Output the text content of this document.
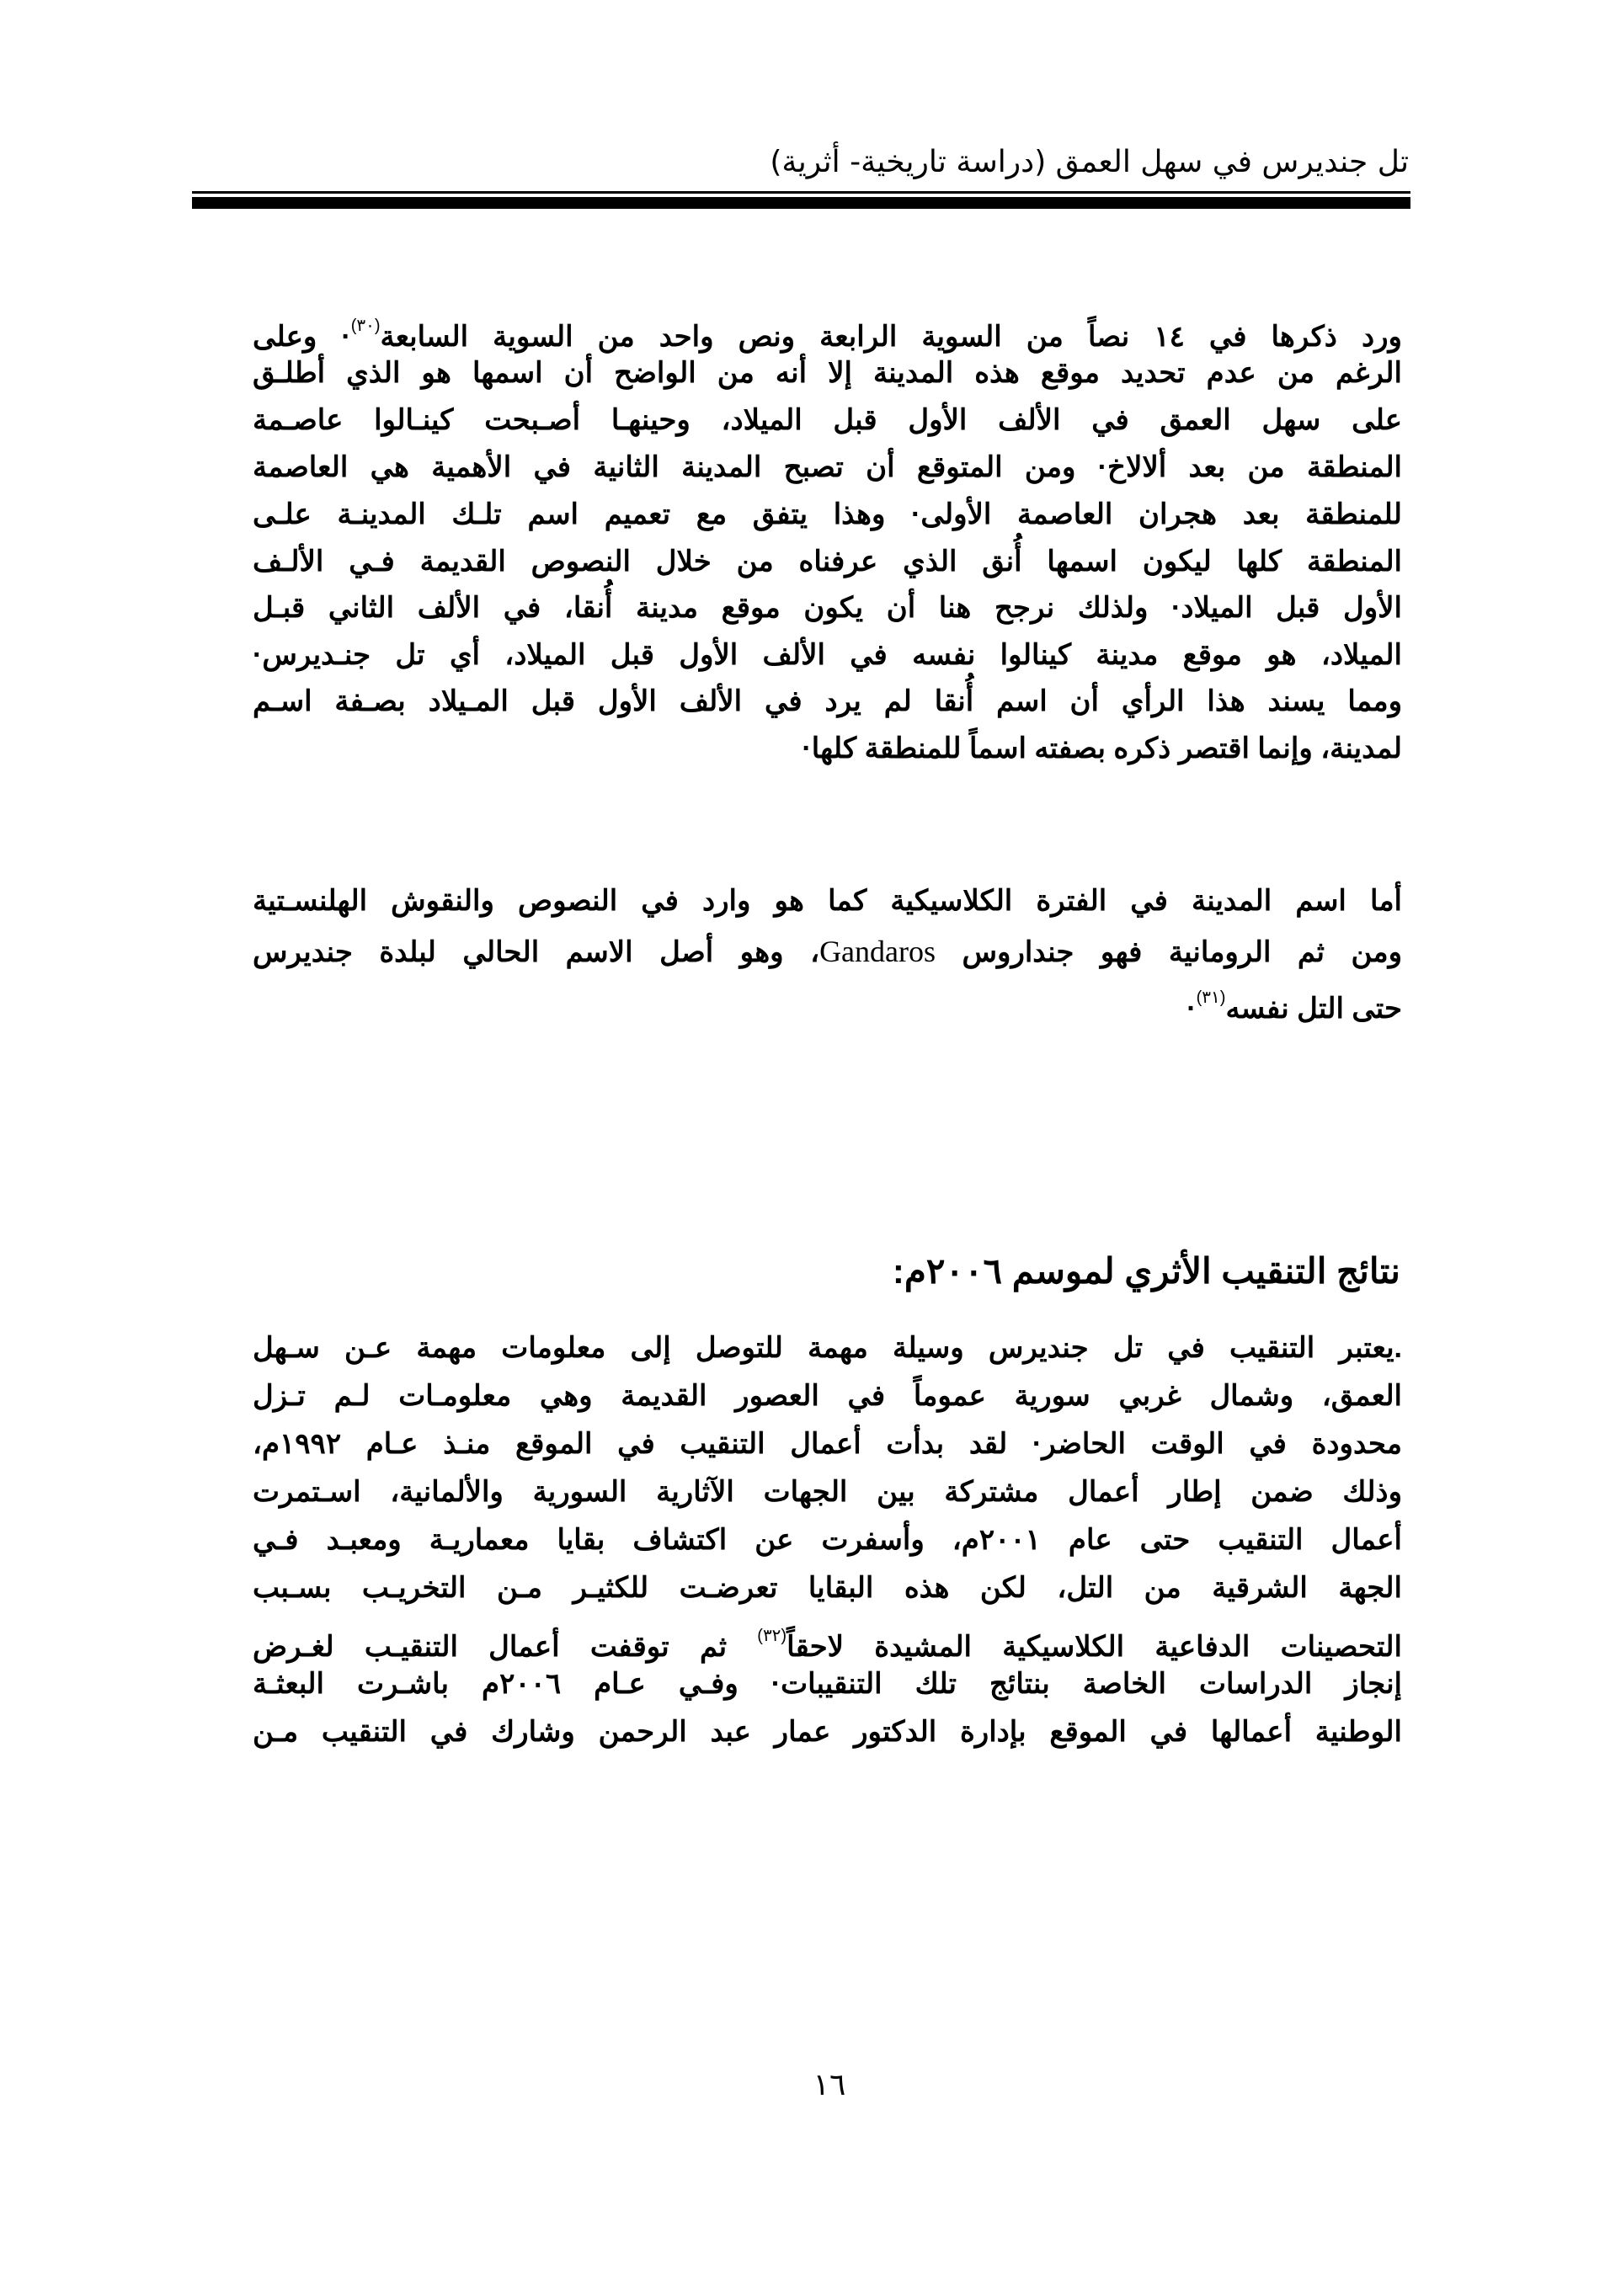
تل جنديرس في سهل العمق (دراسة تاريخية- أثرية)
ورد ذكرها في ١٤ نصاً من السوية الرابعة ونص واحد من السوية السابعة$^{(٣٠)}$· وعلى
الرغم من عدم تحديد موقع هذه المدينة إلا أنه من الواضح أن اسمها هو الذي أطلـق
على سهل العمق في الألف الأول قبل الميلاد، وحينهـا أصـبحت كينـالوا عاصـمة
المنطقة من بعد ألالاخ· ومن المتوقع أن تصبح المدينة الثانية في الأهمية هي العاصمة
للمنطقة بعد هجران العاصمة الأولى· وهذا يتفق مع تعميم اسم تلـك المدينـة علـى
المنطقة كلها ليكون اسمها أُنق الذي عرفناه من خلال النصوص القديمة فـي الألـف
الأول قبل الميلاد· ولذلك نرجح هنا أن يكون موقع مدينة أُنقا، في الألف الثاني قبـل
الميلاد، هو موقع مدينة كينالوا نفسه في الألف الأول قبل الميلاد، أي تل جنـديرس·
ومما يسند هذا الرأي أن اسم أُنقا لم يرد في الألف الأول قبل المـيلاد بصـفة اسـم
لمدينة، وإنما اقتصر ذكره بصفته اسماً للمنطقة كلها·
أما اسم المدينة في الفترة الكلاسيكية كما هو وارد في النصوص والنقوش الهلنسـتية
ومن ثم الرومانية فهو جنداروس Gandaros، وهو أصل الاسم الحالي لبلدة جنديرس
حتى التل نفسه$^{(٣١)}$·
نتائج التنقيب الأثري لموسم ٢٠٠٦م:
.يعتبر التنقيب في تل جنديرس وسيلة مهمة للتوصل إلى معلومات مهمة عـن سـهل
العمق، وشمال غربي سورية عموماً في العصور القديمة وهي معلومـات لـم تـزل
محدودة في الوقت الحاضر· لقد بدأت أعمال التنقيب في الموقع منـذ عـام ١٩٩٢م،
وذلك ضمن إطار أعمال مشتركة بين الجهات الآثارية السورية والألمانية، اسـتمرت
أعمال التنقيب حتى عام ٢٠٠١م، وأسفرت عن اكتشاف بقايا معماريـة ومعبـد فـي
الجهة الشرقية من التل، لكن هذه البقايا تعرضـت للكثيـر مـن التخريـب بسـبب
التحصينات الدفاعية الكلاسيكية المشيدة لاحقاً$^{(٣٢)}$ ثم توقفت أعمال التنقيـب لغـرض
إنجاز الدراسات الخاصة بنتائج تلك التنقيبات· وفـي عـام ٢٠٠٦م باشـرت البعثـة
الوطنية أعمالها في الموقع بإدارة الدكتور عمار عبد الرحمن وشارك في التنقيب مـن
١٦
